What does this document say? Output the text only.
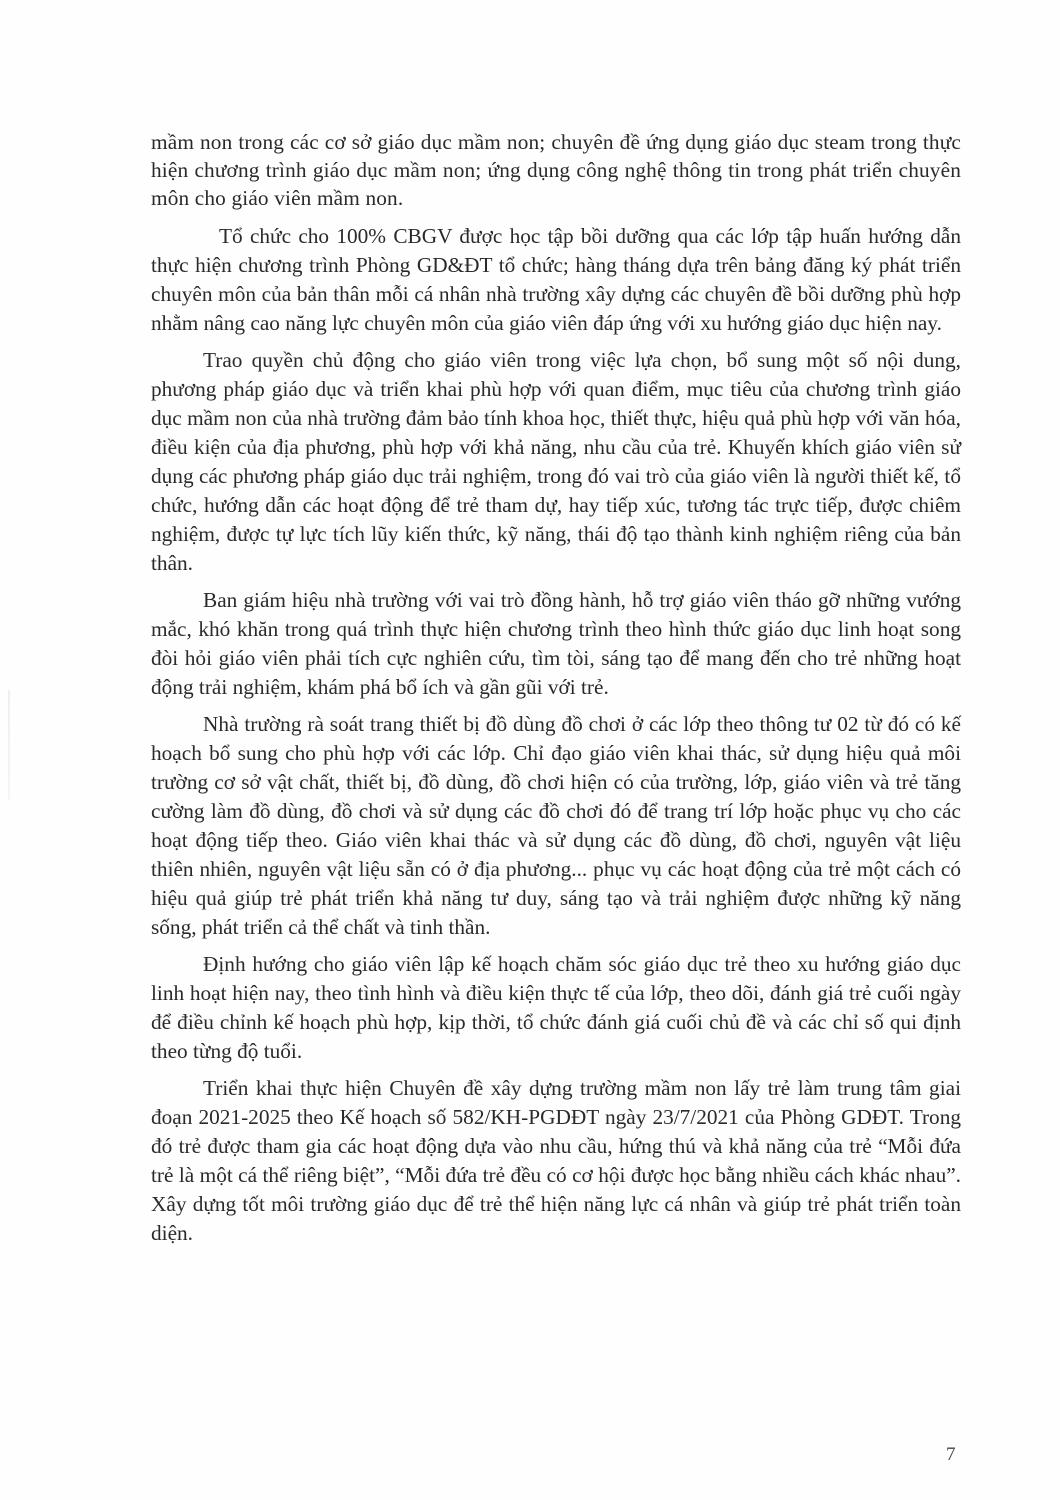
mầm non trong các cơ sở giáo dục mầm non; chuyên đề ứng dụng giáo dục steam trong thực hiện chương trình giáo dục mầm non; ứng dụng công nghệ thông tin trong phát triển chuyên môn cho giáo viên mầm non.

Tổ chức cho 100% CBGV được học tập bồi dưỡng qua các lớp tập huấn hướng dẫn thực hiện chương trình Phòng GD&ĐT tổ chức; hàng tháng dựa trên bảng đăng ký phát triển chuyên môn của bản thân mỗi cá nhân nhà trường xây dựng các chuyên đề bồi dưỡng phù hợp nhằm nâng cao năng lực chuyên môn của giáo viên đáp ứng với xu hướng giáo dục hiện nay.

Trao quyền chủ động cho giáo viên trong việc lựa chọn, bổ sung một số nội dung, phương pháp giáo dục và triển khai phù hợp với quan điểm, mục tiêu của chương trình giáo dục mầm non của nhà trường đảm bảo tính khoa học, thiết thực, hiệu quả phù hợp với văn hóa, điều kiện của địa phương, phù hợp với khả năng, nhu cầu của trẻ. Khuyến khích giáo viên sử dụng các phương pháp giáo dục trải nghiệm, trong đó vai trò của giáo viên là người thiết kế, tổ chức, hướng dẫn các hoạt động để trẻ tham dự, hay tiếp xúc, tương tác trực tiếp, được chiêm nghiệm, được tự lực tích lũy kiến thức, kỹ năng, thái độ tạo thành kinh nghiệm riêng của bản thân.

Ban giám hiệu nhà trường với vai trò đồng hành, hỗ trợ giáo viên tháo gỡ những vướng mắc, khó khăn trong quá trình thực hiện chương trình theo hình thức giáo dục linh hoạt song đòi hỏi giáo viên phải tích cực nghiên cứu, tìm tòi, sáng tạo để mang đến cho trẻ những hoạt động trải nghiệm, khám phá bổ ích và gần gũi với trẻ.

Nhà trường rà soát trang thiết bị đồ dùng đồ chơi ở các lớp theo thông tư 02 từ đó có kế hoạch bổ sung cho phù hợp với các lớp. Chỉ đạo giáo viên khai thác, sử dụng hiệu quả môi trường cơ sở vật chất, thiết bị, đồ dùng, đồ chơi hiện có của trường, lớp, giáo viên và trẻ tăng cường làm đồ dùng, đồ chơi và sử dụng các đồ chơi đó để trang trí lớp hoặc phục vụ cho các hoạt động tiếp theo. Giáo viên khai thác và sử dụng các đồ dùng, đồ chơi, nguyên vật liệu thiên nhiên, nguyên vật liệu sẵn có ở địa phương... phục vụ các hoạt động của trẻ một cách có hiệu quả giúp trẻ phát triển khả năng tư duy, sáng tạo và trải nghiệm được những kỹ năng sống, phát triển cả thể chất và tinh thần.

Định hướng cho giáo viên lập kế hoạch chăm sóc giáo dục trẻ theo xu hướng giáo dục linh hoạt hiện nay, theo tình hình và điều kiện thực tế của lớp, theo dõi, đánh giá trẻ cuối ngày để điều chỉnh kế hoạch phù hợp, kịp thời, tổ chức đánh giá cuối chủ đề và các chỉ số qui định theo từng độ tuổi.

Triển khai thực hiện Chuyên đề xây dựng trường mầm non lấy trẻ làm trung tâm giai đoạn 2021-2025 theo Kế hoạch số 582/KH-PGDĐT ngày 23/7/2021 của Phòng GDĐT. Trong đó trẻ được tham gia các hoạt động dựa vào nhu cầu, hứng thú và khả năng của trẻ “Mỗi đứa trẻ là một cá thể riêng biệt”, “Mỗi đứa trẻ đều có cơ hội được học bằng nhiều cách khác nhau”. Xây dựng tốt môi trường giáo dục để trẻ thể hiện năng lực cá nhân và giúp trẻ phát triển toàn diện.

7
